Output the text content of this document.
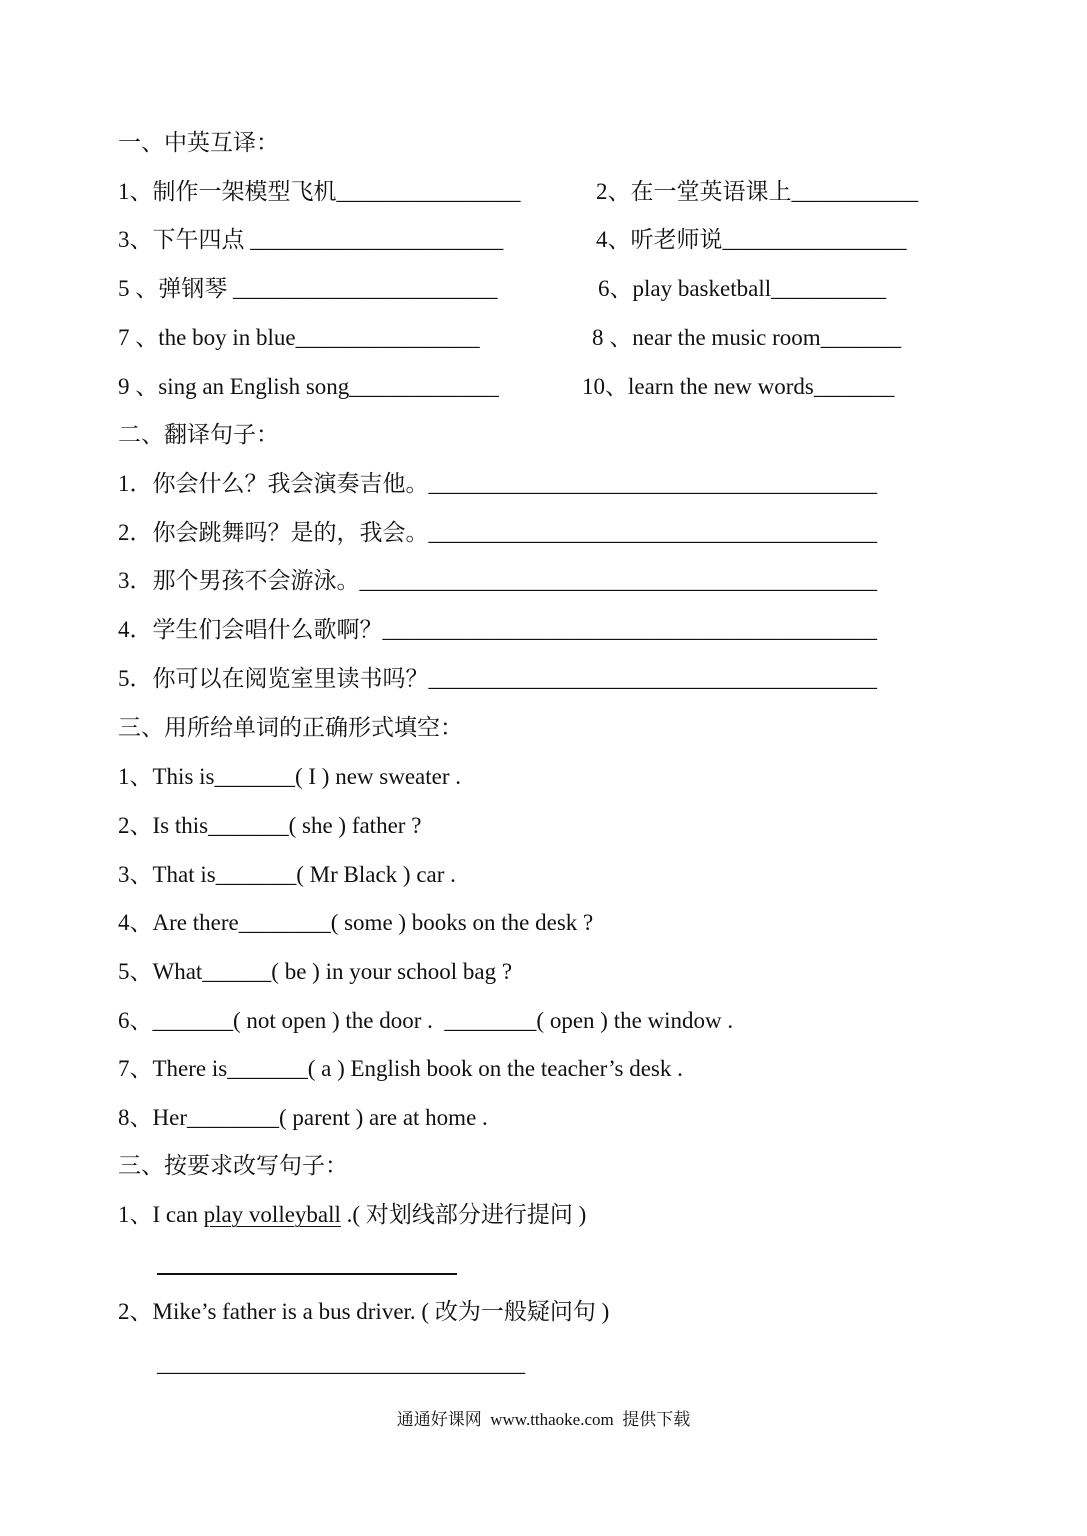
一、中英互译：
1、制作一架模型飞机________________	2、在一堂英语课上___________
3、下午四点 ______________________	4、听老师说________________
5 、弹钢琴 _______________________	6、play basketball__________
7 、the boy in blue________________	8 、near the music room_______
9 、sing an English song_____________	10、learn the new words_______
二、翻译句子：
1．你会什么？我会演奏吉他。_______________________________________
2．你会跳舞吗？是的，我会。_______________________________________
3．那个男孩不会游泳。_____________________________________________
4．学生们会唱什么歌啊？___________________________________________
5．你可以在阅览室里读书吗？_______________________________________
三、用所给单词的正确形式填空：
1、This is_______( I ) new sweater .
2、Is this_______( she ) father ?
3、That is_______( Mr Black ) car .
4、Are there________( some ) books on the desk ?
5、What______( be ) in your school bag ?
6、_______( not open ) the door .  ________( open ) the window .
7、There is_______( a ) English book on the teacher’s desk .
8、Her________( parent ) are at home .
三、按要求改写句子：
1、I can play volleyball .( 对划线部分进行提问 )
2、Mike’s father is a bus driver. ( 改为一般疑问句 )
________________________________
通通好课网  www.tthaoke.com  提供下载
